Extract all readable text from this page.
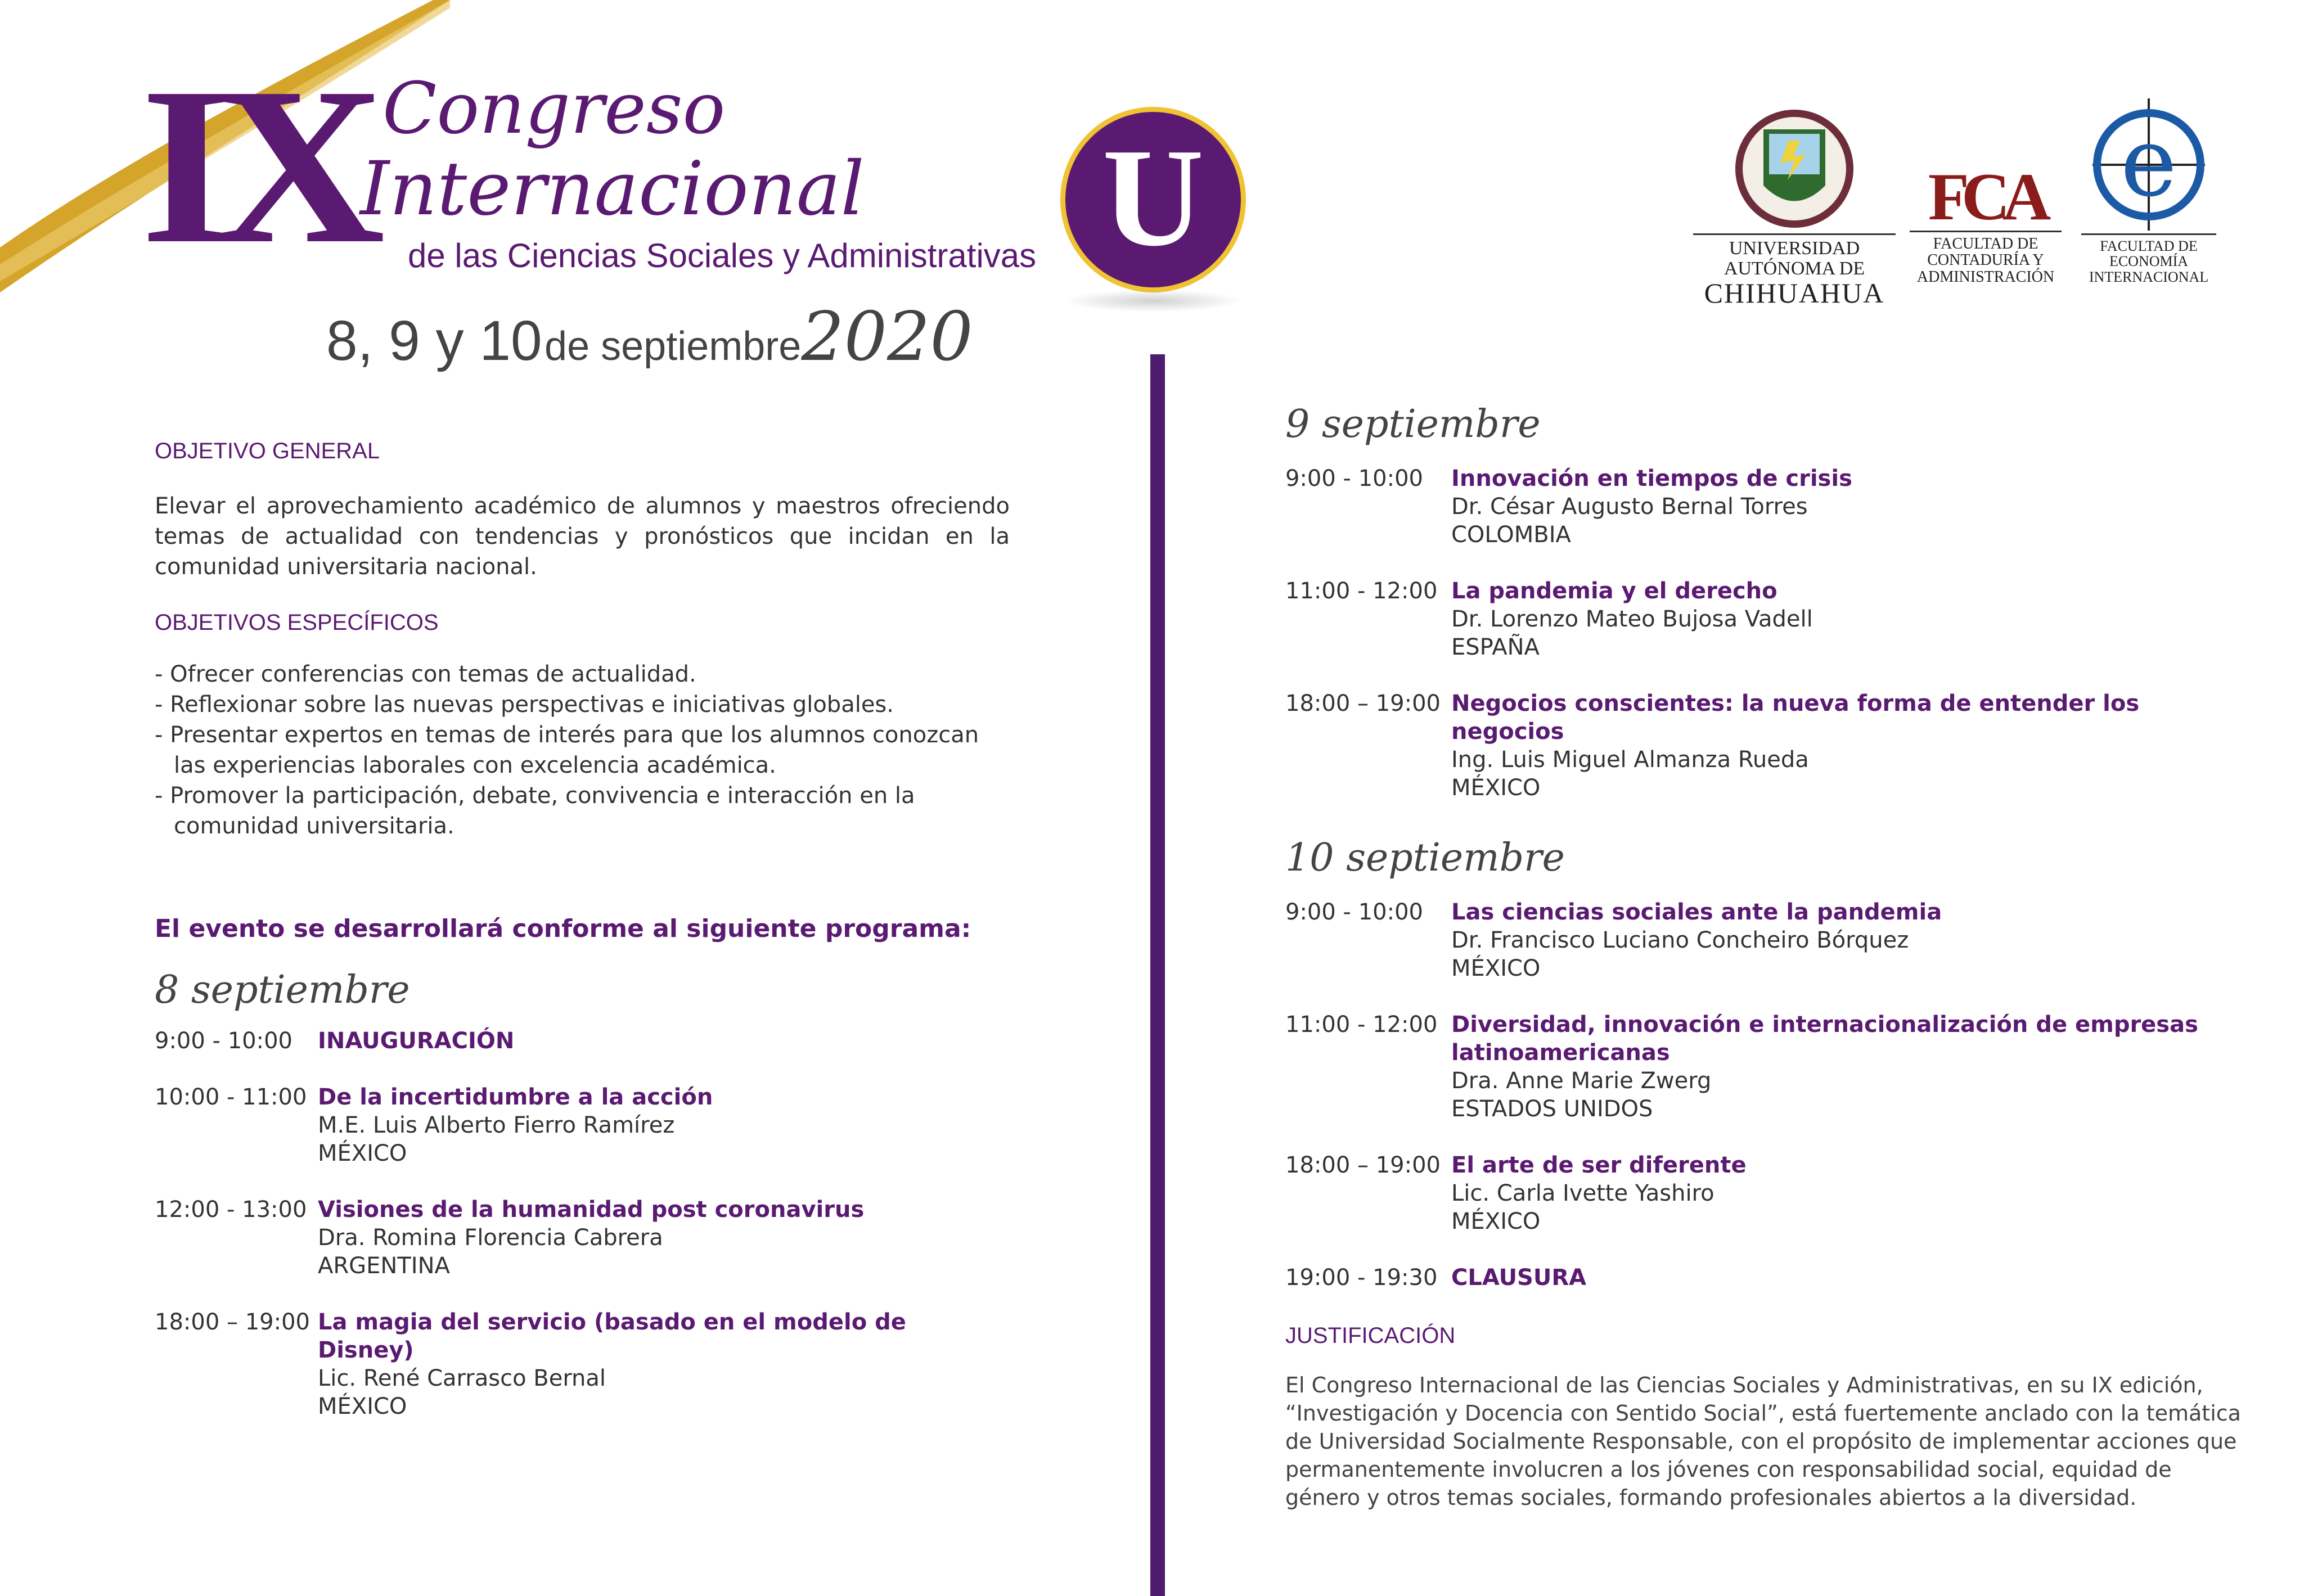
IX Congreso
Internacional
de las Ciencias Sociales y Administrativas
8, 9 y 10 de septiembre2020
U	UNIVERSIDAD AUTÓNOMA DE
CHIHUAHUA
FCA
FACULTAD DE
CONTADURÍA Y
ADMINISTRACIÓN
e
FACULTAD DE
ECONOMÍA
INTERNACIONAL
OBJETIVO GENERAL
Elevar el aprovechamiento académico de alumnos y maestros ofreciendo temas de actualidad con tendencias y pronósticos que incidan en la comunidad universitaria nacional.
OBJETIVOS ESPECÍFICOS
- Ofrecer conferencias con temas de actualidad.
- Reflexionar sobre las nuevas perspectivas e iniciativas globales.
- Presentar expertos en temas de interés para que los alumnos conozcan
las experiencias laborales con excelencia académica.
- Promover la participación, debate, convivencia e interacción en la
comunidad universitaria.
El evento se desarrollará conforme al siguiente programa:
8 septiembre
9:00 - 10:00	INAUGURACIÓN
10:00 - 11:00 De la incertidumbre a la acción
M.E. Luis Alberto Fierro Ramírez
MÉXICO
12:00 - 13:00 Visiones de la humanidad post coronavirus
Dra. Romina Florencia Cabrera
ARGENTINA
18:00 – 19:00 La magia del servicio (basado en el modelo de Disney)
Lic. René Carrasco Bernal
MÉXICO
9 septiembre
9:00 - 10:00	Innovación en tiempos de crisis
Dr. César Augusto Bernal Torres
COLOMBIA
11:00 - 12:00 La pandemia y el derecho
Dr. Lorenzo Mateo Bujosa Vadell
ESPAÑA
18:00 – 19:00 Negocios conscientes: la nueva forma de entender los negocios
Ing. Luis Miguel Almanza Rueda
MÉXICO
10 septiembre
9:00 - 10:00	Las ciencias sociales ante la pandemia
Dr. Francisco Luciano Concheiro Bórquez
MÉXICO
11:00 - 12:00 Diversidad, innovación e internacionalización de empresas latinoamericanas
Dra. Anne Marie Zwerg
ESTADOS UNIDOS
18:00 – 19:00 El arte de ser diferente
Lic. Carla Ivette Yashiro
MÉXICO
19:00 - 19:30 CLAUSURA
JUSTIFICACIÓN
El Congreso Internacional de las Ciencias Sociales y Administrativas, en su IX edición, “Investigación y Docencia con Sentido Social”, está fuertemente anclado con la temática de Universidad Socialmente Responsable, con el propósito de implementar acciones que permanentemente involucren a los jóvenes con responsabilidad social, equidad de género y otros temas sociales, formando profesionales abiertos a la diversidad.
